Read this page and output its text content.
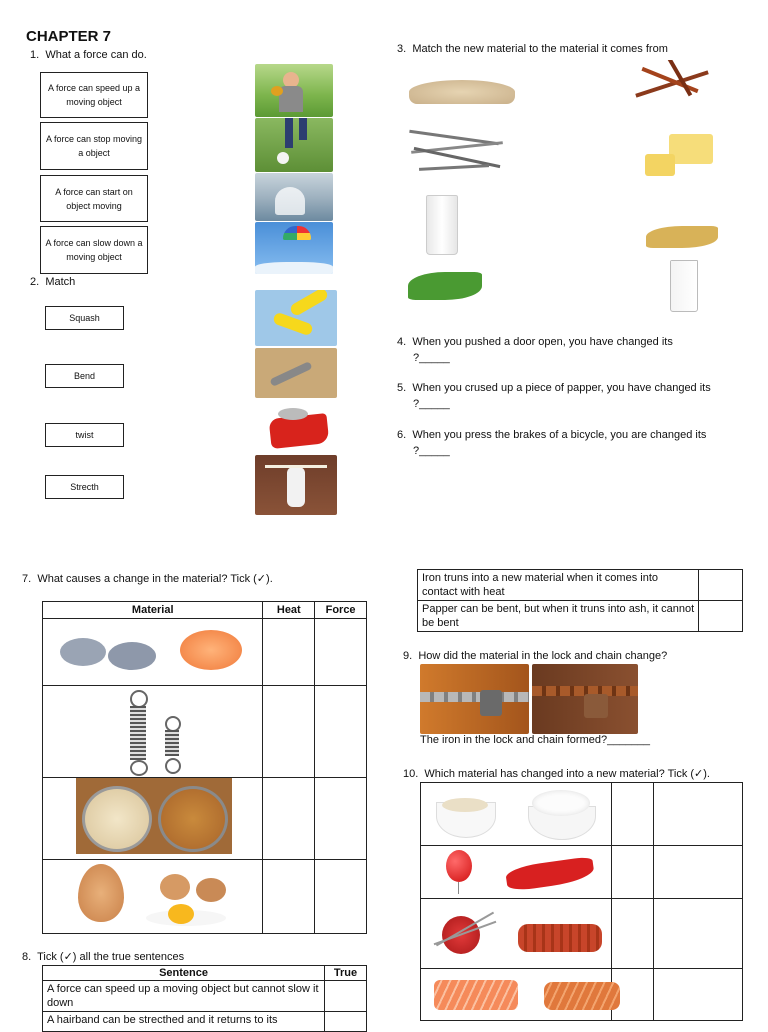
CHAPTER 7
1. What a force can do.
A force can speed up a moving object
A force can stop moving a object
A force can start on object moving
A force can slow down a moving object
2. Match
Squash
Bend
twist
Strecth
3. Match the new material to the material it comes from
4. When you pushed a door open, you have changed its
?_____
5. When you crused up a piece of papper, you have changed its
?_____
6. When you press the brakes of a bicycle, you are changed its
?_____
7. What causes a change in the material? Tick (✓).
Material	Heat	Force

8. Tick (✓) all the true sentences
Sentence	True
A force can speed up a moving object but cannot slow it down	
A hairband can be strecthed and it returns to its	
Iron truns into a new material when it comes into contact with heat	
Papper can be bent, but when it truns into ash, it cannot be bent	
9. How did the material in the lock and chain change?
The iron in the lock and chain formed?_______
10. Which material has changed into a new material? Tick (✓).
